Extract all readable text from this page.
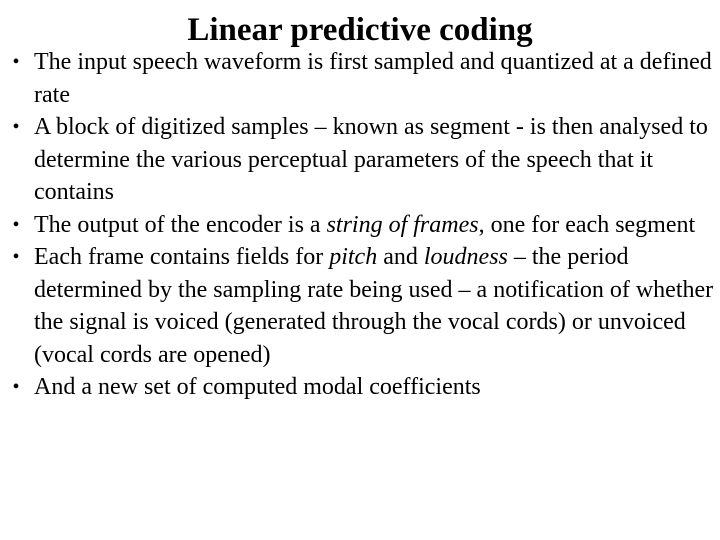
Linear predictive coding
• The input speech waveform is first sampled and quantized at a defined rate
• A block of digitized samples – known as segment - is then analysed to determine the various perceptual parameters of the speech that it contains
• The output of the encoder is a string of frames, one for each segment
• Each frame contains fields for pitch and loudness – the period determined by the sampling rate being used – a notification of whether the signal is voiced (generated through the vocal cords) or unvoiced (vocal cords are opened)
• And a new set of computed modal coefficients
